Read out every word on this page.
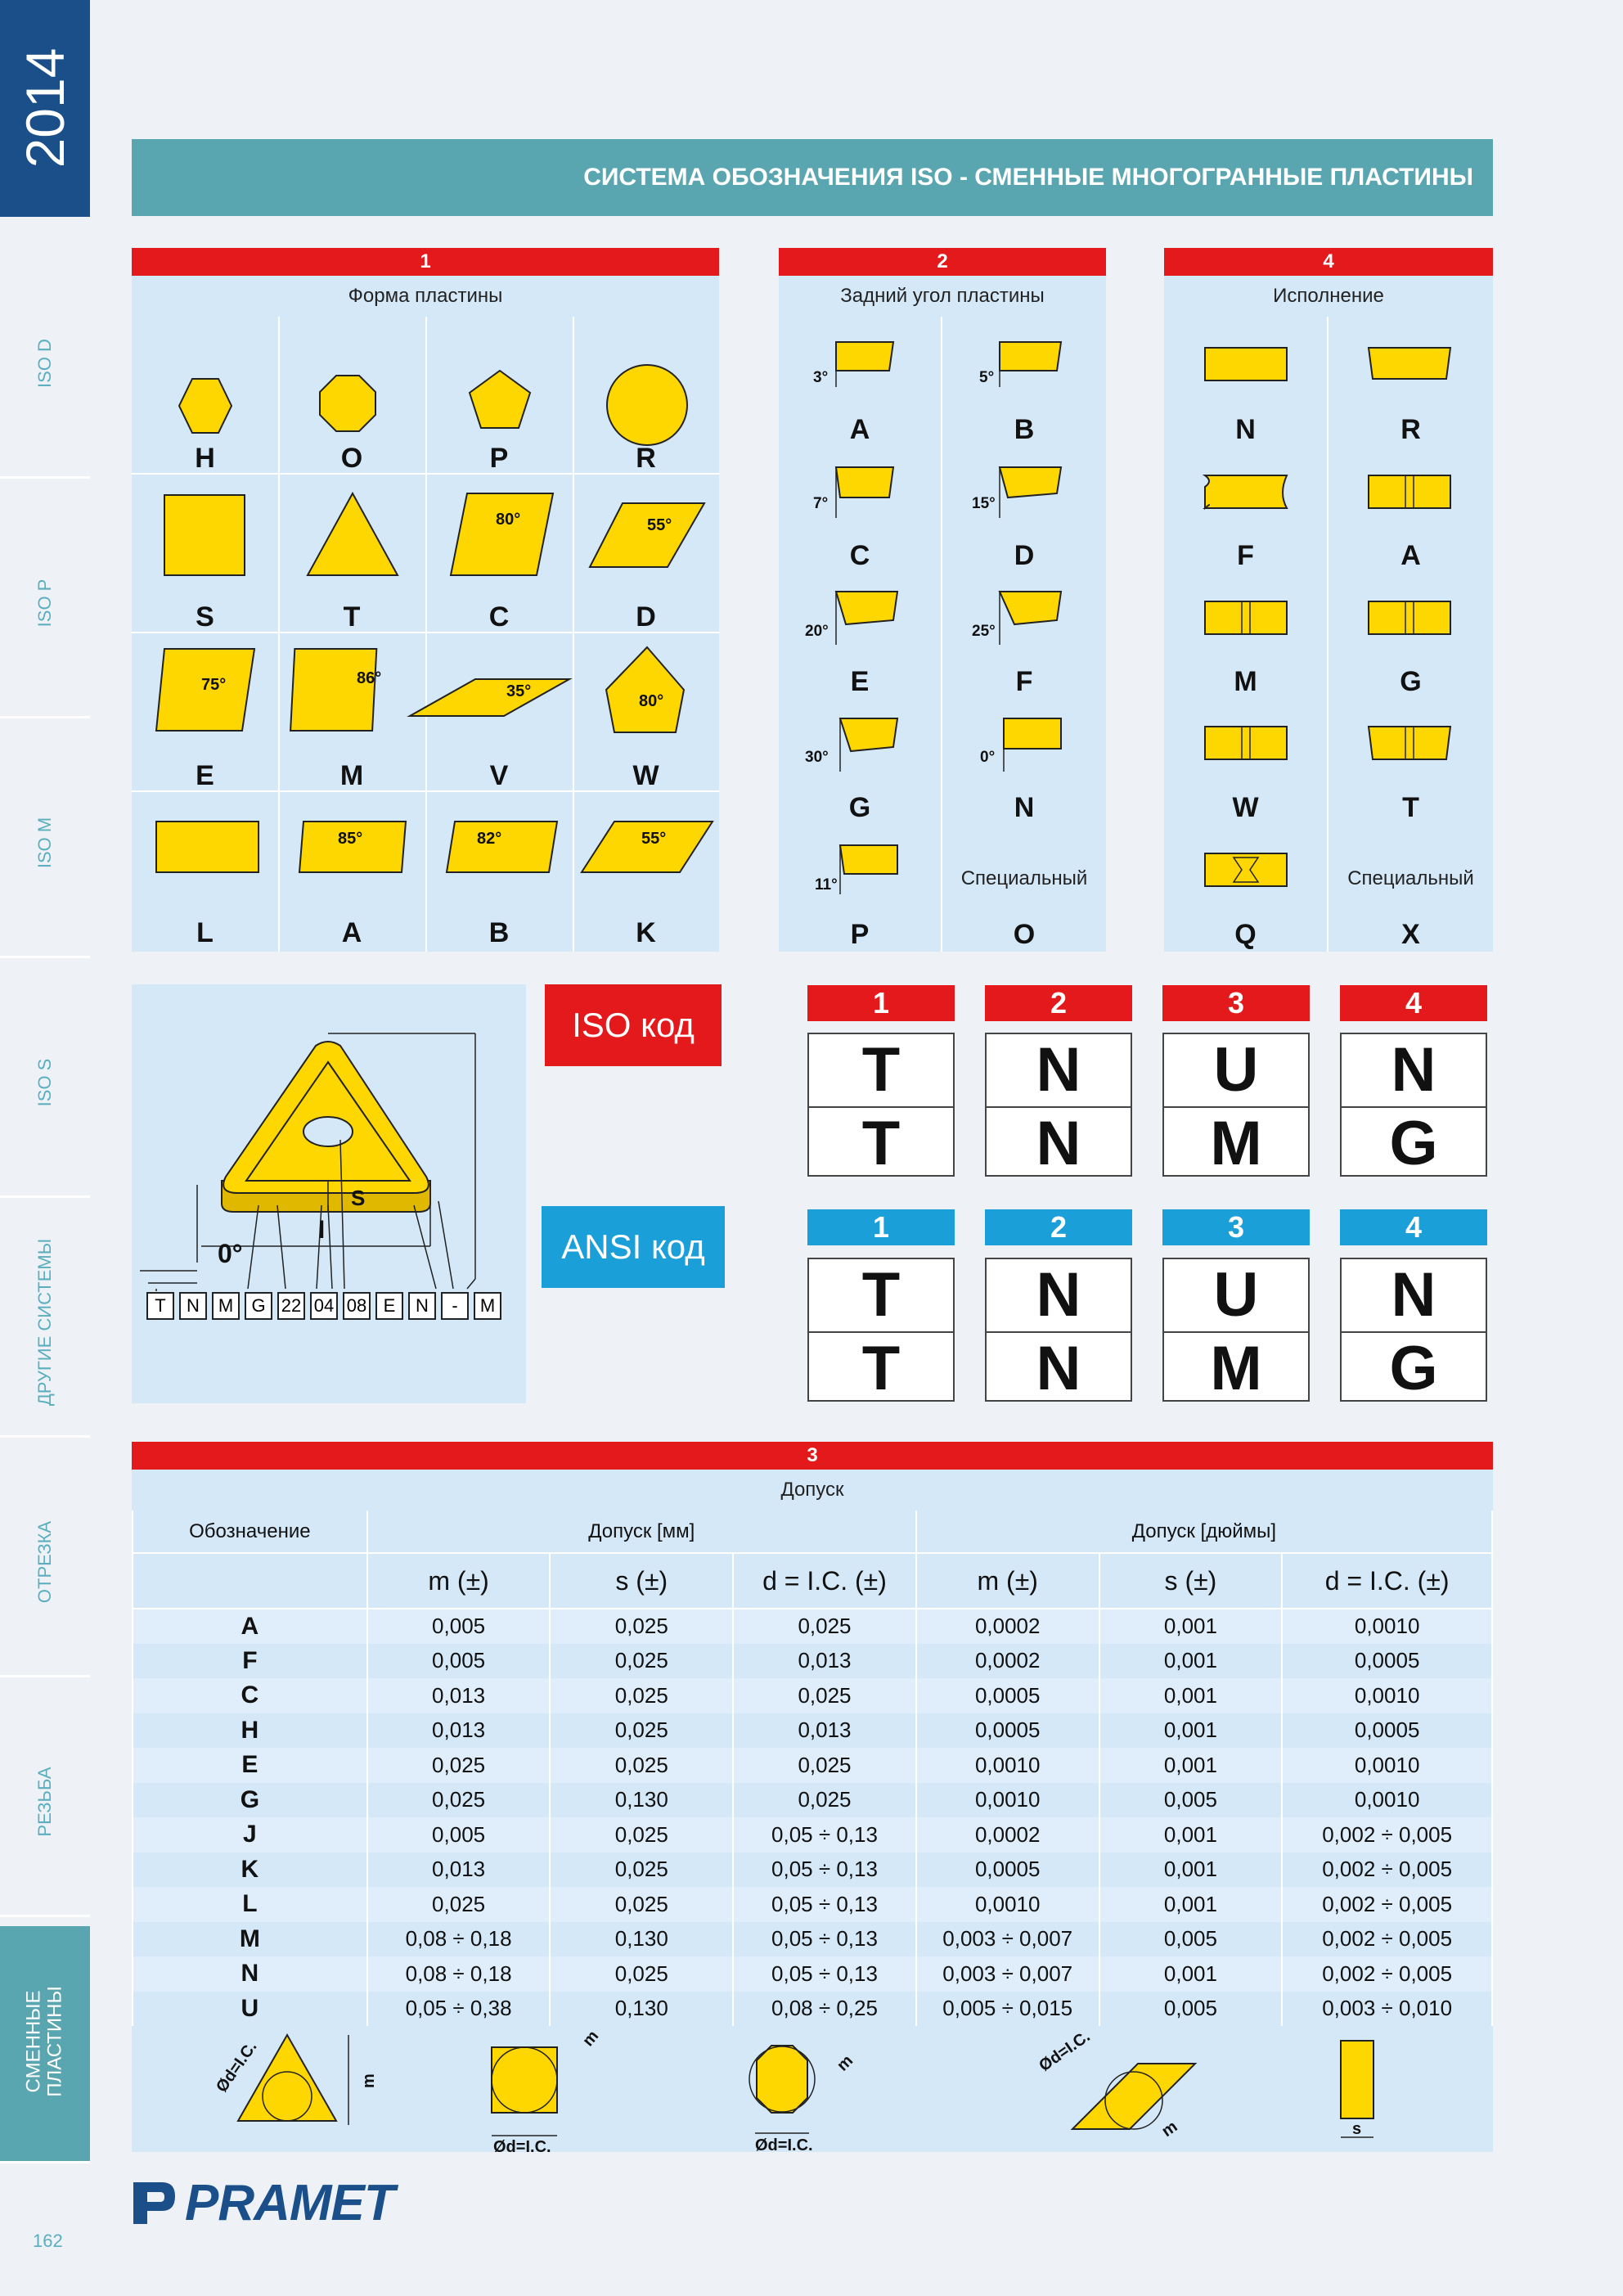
2014
ISO D
ISO P
ISO M
ISO S
ДРУГИЕ СИСТЕМЫ
ОТРЕЗКА
РЕЗЬБА
СМЕННЫЕ ПЛАСТИНЫ
162
СИСТЕМА ОБОЗНАЧЕНИЯ ISO - СМЕННЫЕ МНОГОГРАННЫЕ ПЛАСТИНЫ
1
Форма пластины
80°	55°
75°	86°
35°
80°
85°	82°	55°
H	O	P	R
S	T	C	D
E	M	V	W
L	A	B	K
2
Задний угол пластины
3°	5°
7°	15°
20°	25°
30°	0°
11°
A	B
C	D
E	F
G	N
P	O
Специальный
4
Исполнение
N	R
F	A
M	G
W	T
Q	X
Специальный
S
l
0°
T	N	M	G 22 04 08 E	N	-	M
ISO код
ANSI код
1	2	3	4
T
T
N
N
U
M
N
G
1	2	3	4
T
T
N
N
U
M
N
G
3
Допуск
Обозначение	Допуск [мм]			Допуск [дюймы]		
	m (±)	s (±)	d = I.C. (±)	m (±)	s (±)	d = I.C. (±)
A	0,005	0,025	0,025	0,0002	0,001	0,0010
F	0,005	0,025	0,013	0,0002	0,001	0,0005
C	0,013	0,025	0,025	0,0005	0,001	0,0010
H	0,013	0,025	0,013	0,0005	0,001	0,0005
E	0,025	0,025	0,025	0,0010	0,001	0,0010
G	0,025	0,130	0,025	0,0010	0,005	0,0010
J	0,005	0,025	0,05 ÷ 0,13	0,0002	0,001	0,002 ÷ 0,005
K	0,013	0,025	0,05 ÷ 0,13	0,0005	0,001	0,002 ÷ 0,005
L	0,025	0,025	0,05 ÷ 0,13	0,0010	0,001	0,002 ÷ 0,005
M	0,08 ÷ 0,18	0,130	0,05 ÷ 0,13	0,003 ÷ 0,007	0,005	0,002 ÷ 0,005
N	0,08 ÷ 0,18	0,025	0,05 ÷ 0,13	0,003 ÷ 0,007	0,001	0,002 ÷ 0,005
U	0,05 ÷ 0,38	0,130	0,08 ÷ 0,25	0,005 ÷ 0,015	0,005	0,003 ÷ 0,010
Ød=I.C.	m
Ød=I.C.
m
Ød=I.C.
m	Ød=I.C.
m	s
PRAMET
